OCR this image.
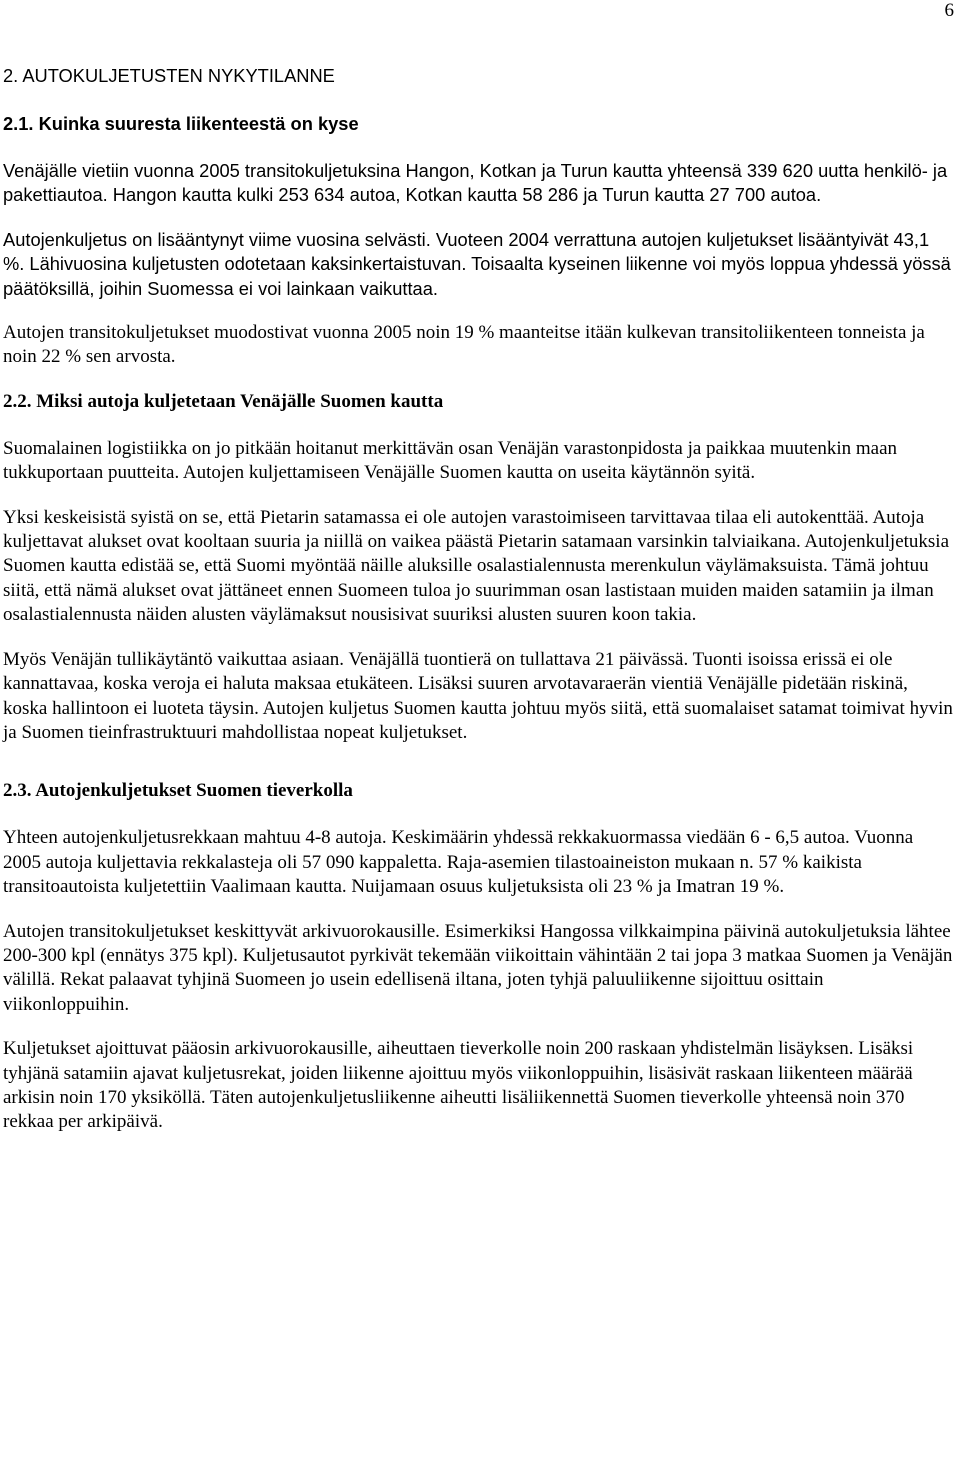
6
2. AUTOKULJETUSTEN NYKYTILANNE
2.1. Kuinka suuresta liikenteestä on kyse

Venäjälle vietiin vuonna 2005 transitokuljetuksina Hangon, Kotkan ja Turun kautta yhteensä 339 620 uutta henkilö- ja pakettiautoa. Hangon kautta kulki 253 634 autoa, Kotkan kautta 58 286 ja Turun kautta 27 700 autoa.

Autojenkuljetus on lisääntynyt viime vuosina selvästi. Vuoteen 2004 verrattuna autojen kuljetukset lisääntyivät 43,1 %. Lähivuosina kuljetusten odotetaan kaksinkertaistuvan. Toisaalta kyseinen liikenne voi myös loppua yhdessä yössä päätöksillä, joihin Suomessa ei voi lainkaan vaikuttaa.

Autojen transitokuljetukset muodostivat vuonna 2005 noin 19 % maanteitse itään kulkevan transitoliikenteen tonneista ja noin 22 % sen arvosta.

2.2. Miksi autoja kuljetetaan Venäjälle Suomen kautta

Suomalainen logistiikka on jo pitkään hoitanut merkittävän osan Venäjän varastonpidosta ja paikkaa muutenkin maan tukkuportaan puutteita. Autojen kuljettamiseen Venäjälle Suomen kautta on useita käytännön syitä.

Yksi keskeisistä syistä on se, että Pietarin satamassa ei ole autojen varastoimiseen tarvittavaa tilaa eli autokenttää. Autoja kuljettavat alukset ovat kooltaan suuria ja niillä on vaikea päästä Pietarin satamaan varsinkin talviaikana. Autojenkuljetuksia Suomen kautta edistää se, että Suomi myöntää näille aluksille osalastialennusta merenkulun väylämaksuista. Tämä johtuu siitä, että nämä alukset ovat jättäneet ennen Suomeen tuloa jo suurimman osan lastistaan muiden maiden satamiin ja ilman osalastialennusta näiden alusten väylämaksut nousisivat suuriksi alusten suuren koon takia.

Myös Venäjän tullikäytäntö vaikuttaa asiaan. Venäjällä tuontierä on tullattava 21 päivässä. Tuonti isoissa erissä ei ole kannattavaa, koska veroja ei haluta maksaa etukäteen. Lisäksi suuren arvotavaraerän vientiä Venäjälle pidetään riskinä, koska hallintoon ei luoteta täysin. Autojen kuljetus Suomen kautta johtuu myös siitä, että suomalaiset satamat toimivat hyvin ja Suomen tieinfrastruktuuri mahdollistaa nopeat kuljetukset.

2.3. Autojenkuljetukset Suomen tieverkolla

Yhteen autojenkuljetusrekkaan mahtuu 4-8 autoja. Keskimäärin yhdessä rekkakuormassa viedään 6 - 6,5 autoa. Vuonna 2005 autoja kuljettavia rekkalasteja oli 57 090 kappaletta. Raja-asemien tilastoaineiston mukaan n. 57 % kaikista transitoautoista kuljetettiin Vaalimaan kautta. Nuijamaan osuus kuljetuksista oli 23 % ja Imatran 19 %.

Autojen transitokuljetukset keskittyvät arkivuorokausille. Esimerkiksi Hangossa vilkkaimpina päivinä autokuljetuksia lähtee 200-300 kpl (ennätys 375 kpl). Kuljetusautot pyrkivät tekemään viikoittain vähintään 2 tai jopa 3 matkaa Suomen ja Venäjän välillä. Rekat palaavat tyhjinä Suomeen jo usein edellisenä iltana, joten tyhjä paluuliikenne sijoittuu osittain viikonloppuihin.

Kuljetukset ajoittuvat pääosin arkivuorokausille, aiheuttaen tieverkolle noin 200 raskaan yhdistelmän lisäyksen. Lisäksi tyhjänä satamiin ajavat kuljetusrekat, joiden liikenne ajoittuu myös viikonloppuihin, lisäsivät raskaan liikenteen määrää arkisin noin 170 yksiköllä. Täten autojenkuljetusliikenne aiheutti lisäliikennettä Suomen tieverkolle yhteensä noin 370 rekkaa per arkipäivä.
